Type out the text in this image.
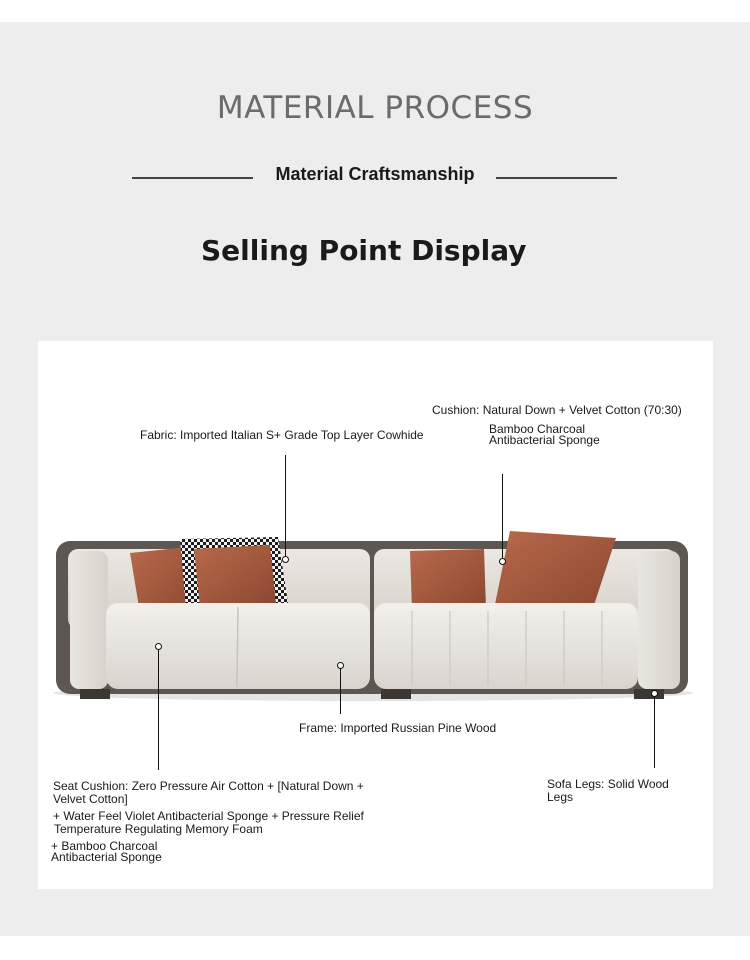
MATERIAL PROCESS
Material Craftsmanship
Selling Point Display
Fabric: Imported Italian S+ Grade Top Layer Cowhide
Cushion: Natural Down + Velvet Cotton (70:30)
Bamboo Charcoal
Antibacterial Sponge
Frame: Imported Russian Pine Wood
Seat Cushion: Zero Pressure Air Cotton + [Natural Down +
Velvet Cotton]
+ Water Feel Violet Antibacterial Sponge + Pressure Relief
Temperature Regulating Memory Foam
+ Bamboo Charcoal
Antibacterial Sponge
Sofa Legs: Solid Wood
Legs
